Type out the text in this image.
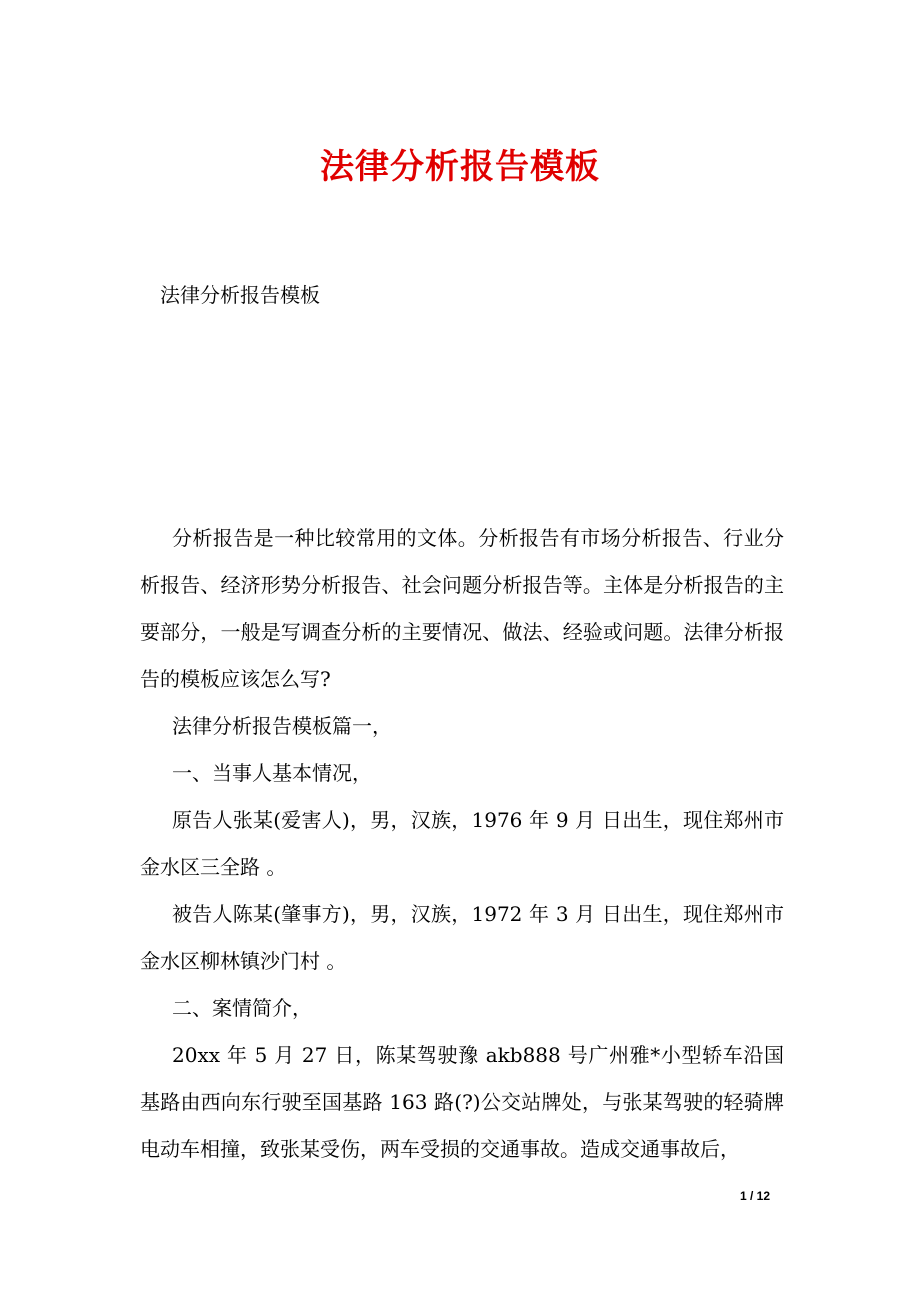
法律分析报告模板
法律分析报告模板

分析报告是一种比较常用的文体。分析报告有市场分析报告、行业分析报告、经济形势分析报告、社会问题分析报告等。主体是分析报告的主要部分，一般是写调查分析的主要情况、做法、经验或问题。法律分析报告的模板应该怎么写?

法律分析报告模板篇一，

一、当事人基本情况，

原告人张某(爱害人)，男，汉族，1976 年 9 月 日出生，现住郑州市金水区三全路 。

被告人陈某(肇事方)，男，汉族，1972 年 3 月 日出生，现住郑州市金水区柳林镇沙门村 。

二、案情简介，

20xx 年 5 月 27 日，陈某驾驶豫 akb888 号广州雅*小型轿车沿国基路由西向东行驶至国基路 163 路(?)公交站牌处，与张某驾驶的轻骑牌电动车相撞，致张某受伤，两车受损的交通事故。造成交通事故后，

1 / 12
